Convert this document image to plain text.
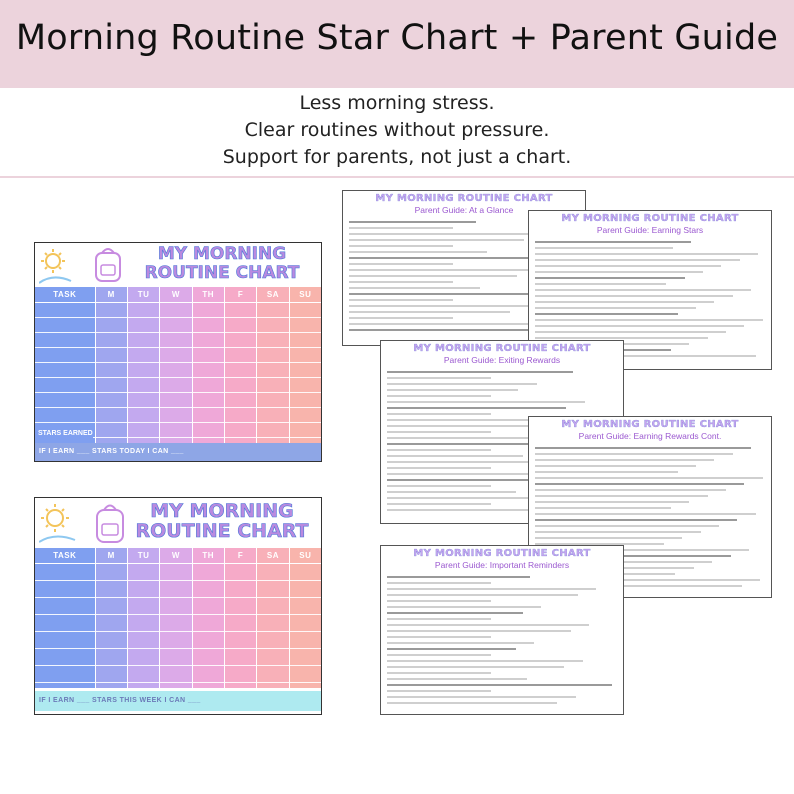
Morning Routine Star Chart + Parent Guide
Less morning stress.
Clear routines without pressure.
Support for parents, not just a chart.
MY MORNING
ROUTINE CHART
TASK	M	TU	W	TH	F	SA	SU
STARS EARNED
IF I EARN ___ STARS TODAY I CAN ___
MY MORNING
ROUTINE CHART
TASK	M	TU	W	TH	F	SA	SU
IF I EARN ___ STARS THIS WEEK I CAN ___
MY MORNING ROUTINE CHART
Parent Guide: At a Glance
MY MORNING ROUTINE CHART
Parent Guide: Earning Stars
MY MORNING ROUTINE CHART
Parent Guide: Exiting Rewards
MY MORNING ROUTINE CHART
Parent Guide: Earning Rewards Cont.
MY MORNING ROUTINE CHART
Parent Guide: Important Reminders
